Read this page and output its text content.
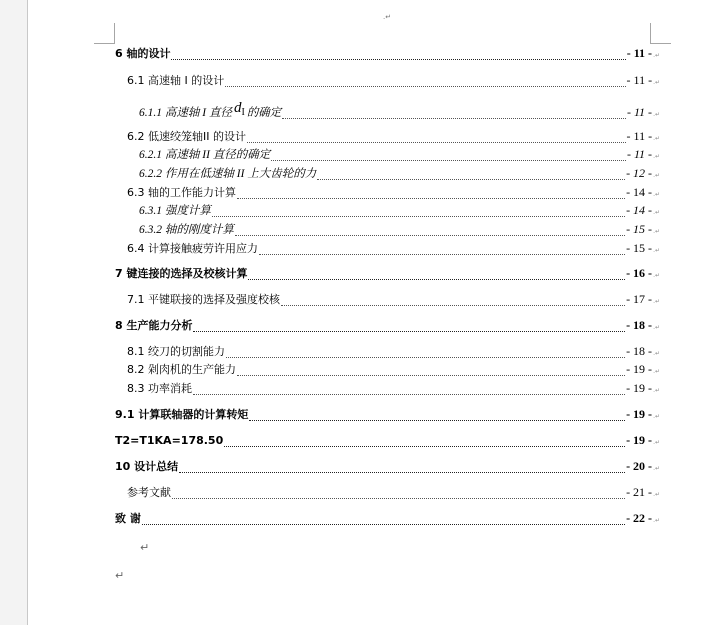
.↵
6 轴的设计	- 11 - .↵
6.1 高速轴 I 的设计	- 11 - .↵
6.1.1 高速轴 I 直径 dI 的确定	- 11 - .↵
6.2 低速绞笼轴II 的设计	- 11 - .↵
6.2.1 高速轴 II 直径的确定	- 11 - .↵
6.2.2 作用在低速轴 II 上大齿轮的力	- 12 - .↵
6.3 轴的工作能力计算	- 14 - .↵
6.3.1 强度计算	- 14 - .↵
6.3.2 轴的刚度计算	- 15 - .↵
6.4 计算接触疲劳许用应力	- 15 - .↵
7 键连接的选择及校核计算	- 16 - .↵
7.1 平键联接的选择及强度校核	- 17 - .↵
8 生产能力分析	- 18 - .↵
8.1 绞刀的切割能力	- 18 - .↵
8.2 剁肉机的生产能力	- 19 - .↵
8.3 功率消耗	- 19 - .↵
9.1 计算联轴器的计算转矩	- 19 - .↵
T2=T1KA=178.50	- 19 - .↵
10 设计总结	- 20 - .↵
参考文献	- 21 - .↵
致 谢	- 22 - .↵
↵
↵
